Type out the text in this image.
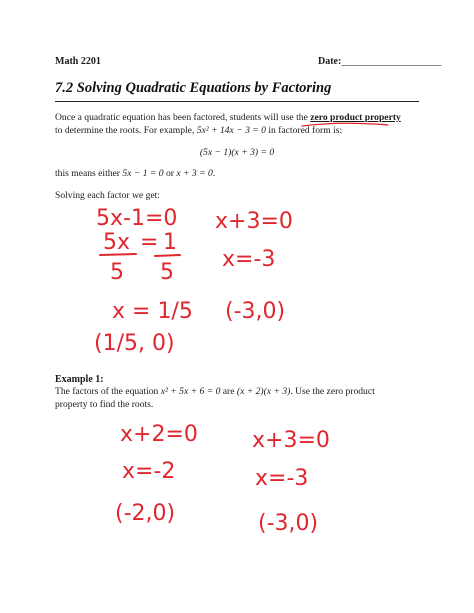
Math 2201	Date:____________________
7.2 Solving Quadratic Equations by Factoring
Once a quadratic equation has been factored, students will use the zero product property
to determine the roots. For example, 5x² + 14x − 3 = 0 in factored form is:
(5x − 1)(x + 3) = 0
this means either 5x − 1 = 0 or x + 3 = 0.
Solving each factor we get:
5x-1=0
5x = 1
5 5
x = 1/5
(1/5, 0)
x+3=0
x=-3
(-3,0)
Example 1:
The factors of the equation x² + 5x + 6 = 0 are (x + 2)(x + 3). Use the zero product
property to find the roots.
x+2=0
x=-2
(-2,0)
x+3=0
x=-3
(-3,0)
